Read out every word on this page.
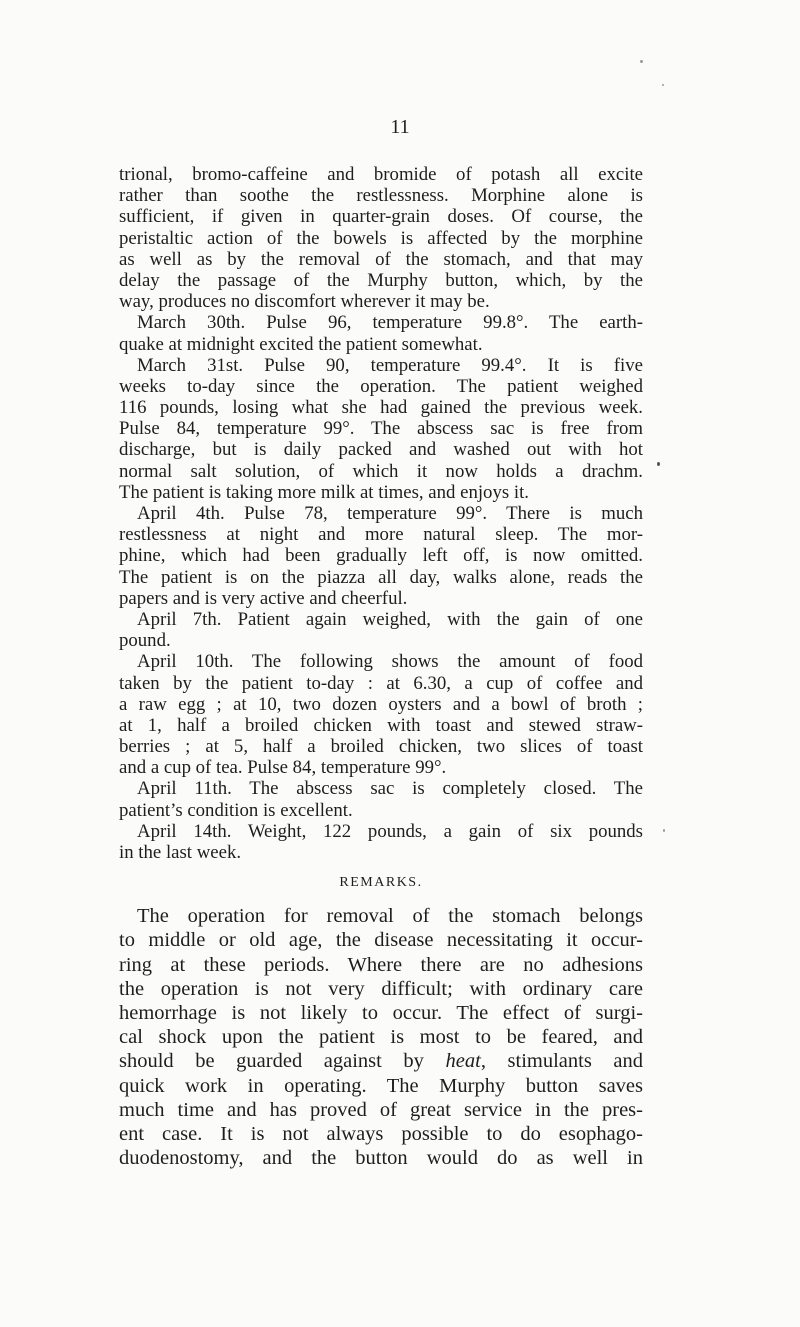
11
trional, bromo-caffeine and bromide of potash all excite
rather than soothe the restlessness. Morphine alone is
sufficient, if given in quarter-grain doses. Of course, the
peristaltic action of the bowels is affected by the morphine
as well as by the removal of the stomach, and that may
delay the passage of the Murphy button, which, by the
way, produces no discomfort wherever it may be.
March 30th. Pulse 96, temperature 99.8°. The earth-
quake at midnight excited the patient somewhat.
March 31st. Pulse 90, temperature 99.4°. It is five
weeks to-day since the operation. The patient weighed
116 pounds, losing what she had gained the previous week.
Pulse 84, temperature 99°. The abscess sac is free from
discharge, but is daily packed and washed out with hot
normal salt solution, of which it now holds a drachm.
The patient is taking more milk at times, and enjoys it.
April 4th. Pulse 78, temperature 99°. There is much
restlessness at night and more natural sleep. The mor-
phine, which had been gradually left off, is now omitted.
The patient is on the piazza all day, walks alone, reads the
papers and is very active and cheerful.
April 7th. Patient again weighed, with the gain of one
pound.
April 10th. The following shows the amount of food
taken by the patient to-day : at 6.30, a cup of coffee and
a raw egg ; at 10, two dozen oysters and a bowl of broth ;
at 1, half a broiled chicken with toast and stewed straw-
berries ; at 5, half a broiled chicken, two slices of toast
and a cup of tea. Pulse 84, temperature 99°.
April 11th. The abscess sac is completely closed. The
patient’s condition is excellent.
April 14th. Weight, 122 pounds, a gain of six pounds
in the last week.
REMARKS.
The operation for removal of the stomach belongs
to middle or old age, the disease necessitating it occur-
ring at these periods. Where there are no adhesions
the operation is not very difficult; with ordinary care
hemorrhage is not likely to occur. The effect of surgi-
cal shock upon the patient is most to be feared, and
should be guarded against by heat, stimulants and
quick work in operating. The Murphy button saves
much time and has proved of great service in the pres-
ent case. It is not always possible to do esophago-
duodenostomy, and the button would do as well in
